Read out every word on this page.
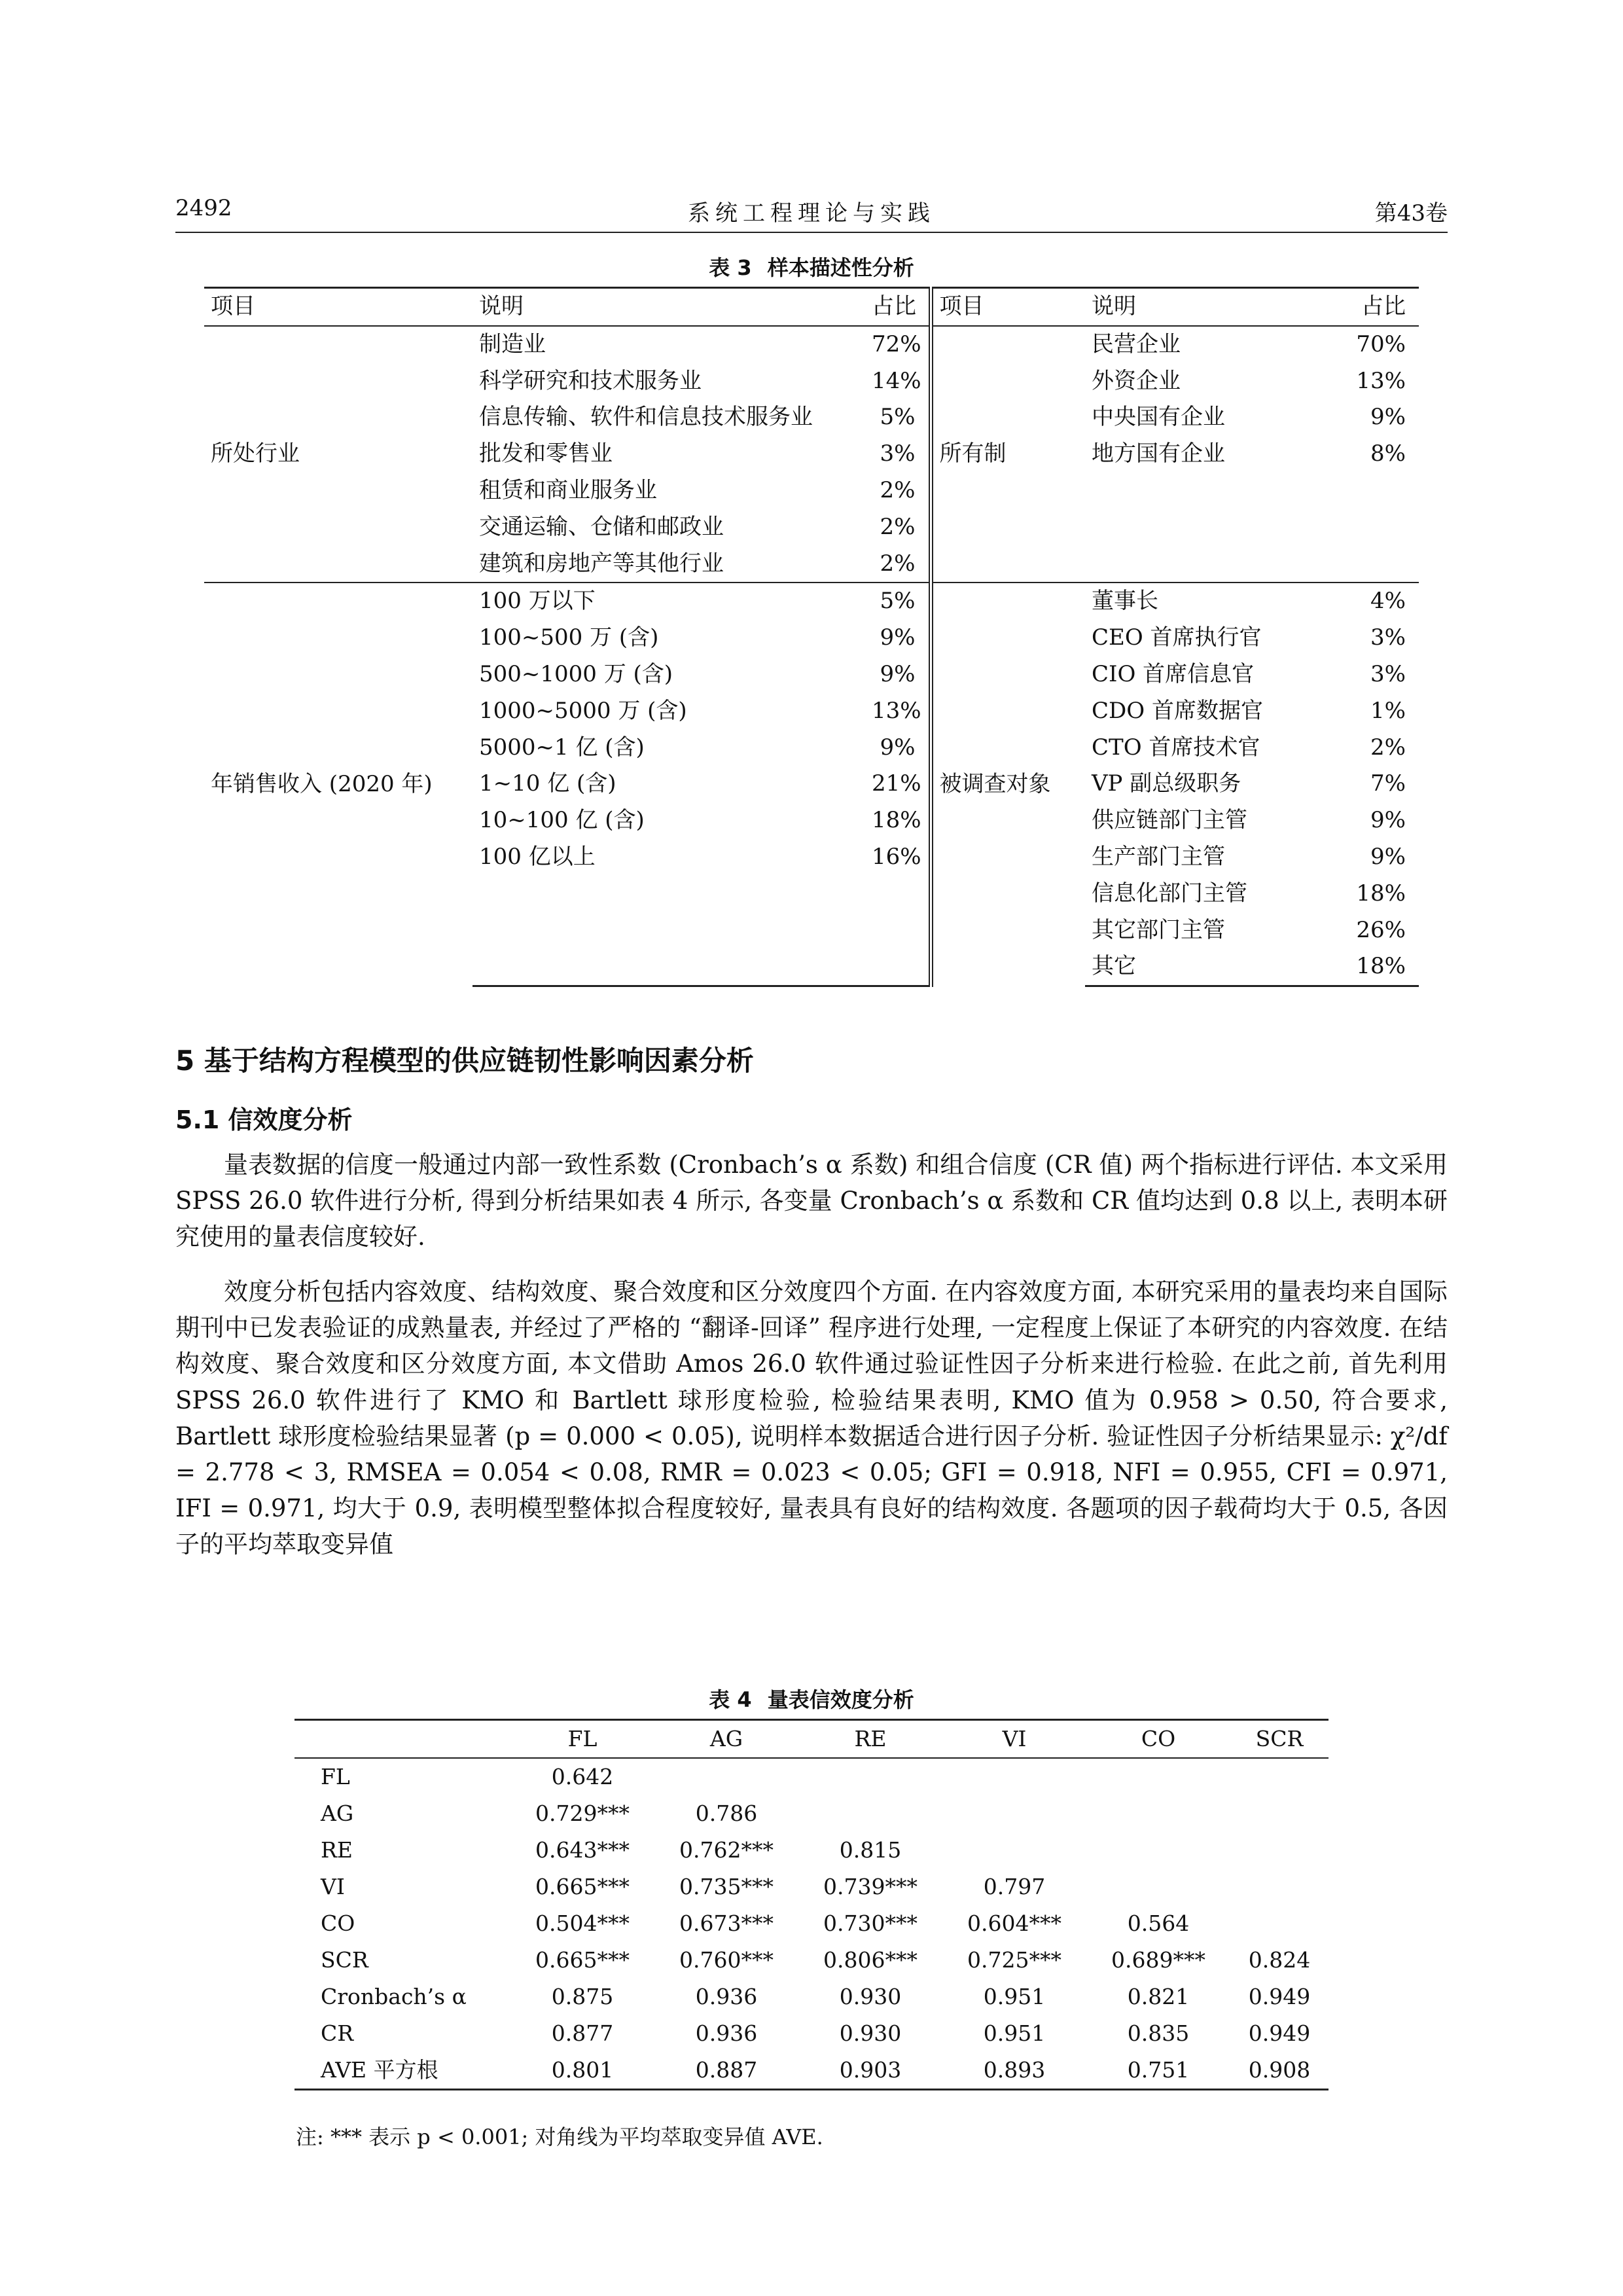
2492	系统工程理论与实践	第43卷
表 3 样本描述性分析
项目	说明	占比	项目	说明	占比
所处行业	制造业	72%	所有制	民营企业	70%
	科学研究和技术服务业	14%		外资企业	13%
	信息传输、软件和信息技术服务业	5%		中央国有企业	9%
	批发和零售业	3%		地方国有企业	8%
	租赁和商业服务业	2%			
	交通运输、仓储和邮政业	2%			
	建筑和房地产等其他行业	2%			
年销售收入 (2020 年)	100 万以下	5%	被调查对象	董事长	4%
	100~500 万 (含)	9%		CEO 首席执行官	3%
	500~1000 万 (含)	9%		CIO 首席信息官	3%
	1000~5000 万 (含)	13%		CDO 首席数据官	1%
	5000~1 亿 (含)	9%		CTO 首席技术官	2%
	1~10 亿 (含)	21%		VP 副总级职务	7%
	10~100 亿 (含)	18%		供应链部门主管	9%
	100 亿以上	16%		生产部门主管	9%
				信息化部门主管	18%
				其它部门主管	26%
				其它	18%
5 基于结构方程模型的供应链韧性影响因素分析
5.1 信效度分析

量表数据的信度一般通过内部一致性系数 (Cronbach’s α 系数) 和组合信度 (CR 值) 两个指标进行评估. 本文采用 SPSS 26.0 软件进行分析, 得到分析结果如表 4 所示, 各变量 Cronbach’s α 系数和 CR 值均达到 0.8 以上, 表明本研究使用的量表信度较好.

效度分析包括内容效度、结构效度、聚合效度和区分效度四个方面. 在内容效度方面, 本研究采用的量表均来自国际期刊中已发表验证的成熟量表, 并经过了严格的 “翻译-回译” 程序进行处理, 一定程度上保证了本研究的内容效度. 在结构效度、聚合效度和区分效度方面, 本文借助 Amos 26.0 软件通过验证性因子分析来进行检验. 在此之前, 首先利用 SPSS 26.0 软件进行了 KMO 和 Bartlett 球形度检验, 检验结果表明, KMO 值为 0.958 > 0.50, 符合要求, Bartlett 球形度检验结果显著 (p = 0.000 < 0.05), 说明样本数据适合进行因子分析. 验证性因子分析结果显示: χ²/df = 2.778 < 3, RMSEA = 0.054 < 0.08, RMR = 0.023 < 0.05; GFI = 0.918, NFI = 0.955, CFI = 0.971, IFI = 0.971, 均大于 0.9, 表明模型整体拟合程度较好, 量表具有良好的结构效度. 各题项的因子载荷均大于 0.5, 各因子的平均萃取变异值

表 4 量表信效度分析
	FL	AG	RE	VI	CO	SCR
FL	0.642					
AG	0.729***	0.786				
RE	0.643***	0.762***	0.815			
VI	0.665***	0.735***	0.739***	0.797		
CO	0.504***	0.673***	0.730***	0.604***	0.564	
SCR	0.665***	0.760***	0.806***	0.725***	0.689***	0.824
Cronbach’s α	0.875	0.936	0.930	0.951	0.821	0.949
CR	0.877	0.936	0.930	0.951	0.835	0.949
AVE 平方根	0.801	0.887	0.903	0.893	0.751	0.908
注: *** 表示 p < 0.001; 对角线为平均萃取变异值 AVE.
